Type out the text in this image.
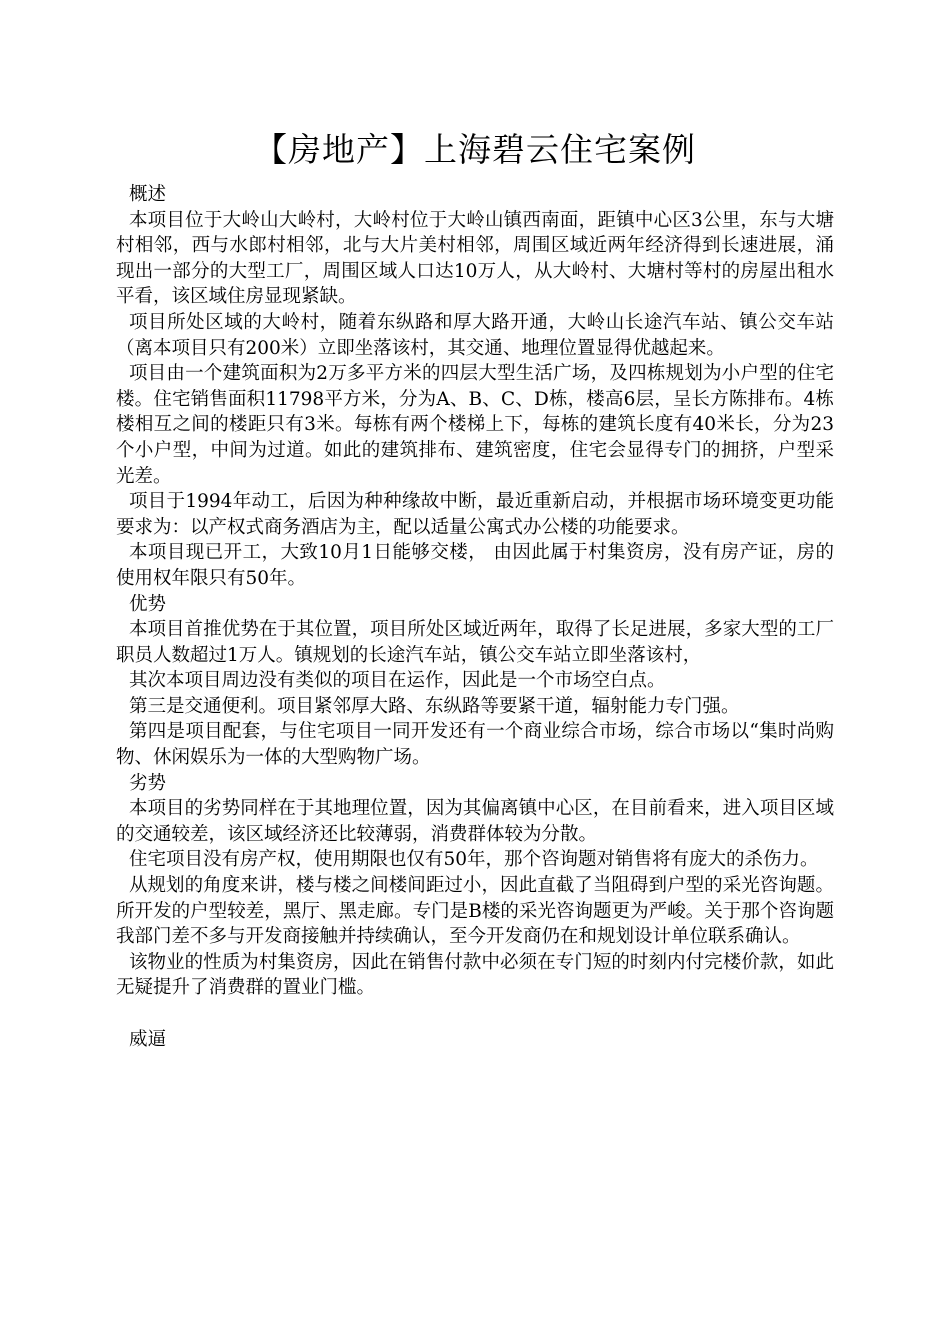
【房地产】上海碧云住宅案例

概述

本项目位于大岭山大岭村，大岭村位于大岭山镇西南面，距镇中心区3公里，东与大塘村相邻，西与水郎村相邻，北与大片美村相邻，周围区域近两年经济得到长速进展，涌现出一部分的大型工厂，周围区域人口达10万人，从大岭村、大塘村等村的房屋出租水平看，该区域住房显现紧缺。

项目所处区域的大岭村，随着东纵路和厚大路开通，大岭山长途汽车站、镇公交车站（离本项目只有200米）立即坐落该村，其交通、地理位置显得优越起来。

项目由一个建筑面积为2万多平方米的四层大型生活广场，及四栋规划为小户型的住宅楼。住宅销售面积11798平方米，分为A、B、C、D栋，楼高6层，呈长方陈排布。4栋楼相互之间的楼距只有3米。每栋有两个楼梯上下，每栋的建筑长度有40米长，分为23个小户型，中间为过道。如此的建筑排布、建筑密度，住宅会显得专门的拥挤，户型采光差。

项目于1994年动工，后因为种种缘故中断，最近重新启动，并根据市场环境变更功能要求为：以产权式商务酒店为主，配以适量公寓式办公楼的功能要求。

本项目现已开工，大致10月1日能够交楼， 由因此属于村集资房，没有房产证，房的使用权年限只有50年。

优势

本项目首推优势在于其位置，项目所处区域近两年，取得了长足进展，多家大型的工厂职员人数超过1万人。镇规划的长途汽车站，镇公交车站立即坐落该村，

其次本项目周边没有类似的项目在运作，因此是一个市场空白点。

第三是交通便利。项目紧邻厚大路、东纵路等要紧干道，辐射能力专门强。

第四是项目配套，与住宅项目一同开发还有一个商业综合市场，综合市场以“集时尚购物、休闲娱乐为一体的大型购物广场。

劣势

本项目的劣势同样在于其地理位置，因为其偏离镇中心区，在目前看来，进入项目区域的交通较差，该区域经济还比较薄弱，消费群体较为分散。

住宅项目没有房产权，使用期限也仅有50年，那个咨询题对销售将有庞大的杀伤力。

从规划的角度来讲，楼与楼之间楼间距过小，因此直截了当阻碍到户型的采光咨询题。所开发的户型较差，黑厅、黑走廊。专门是B楼的采光咨询题更为严峻。关于那个咨询题我部门差不多与开发商接触并持续确认，至今开发商仍在和规划设计单位联系确认。

该物业的性质为村集资房，因此在销售付款中必须在专门短的时刻内付完楼价款，如此无疑提升了消费群的置业门槛。

威逼
